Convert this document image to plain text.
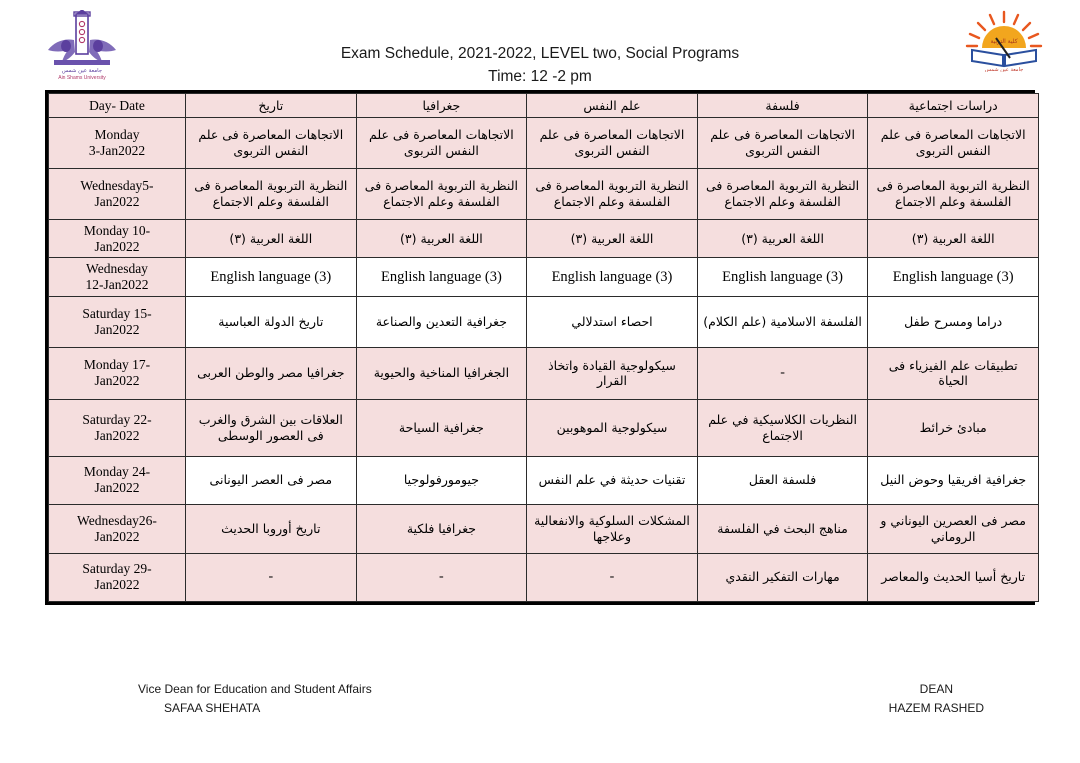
جامعة عين شمس
Ain Shams University
Exam Schedule, 2021-2022, LEVEL two, Social Programs
Time: 12 -2 pm
كلية التربية
جامعة عين شمس
Day- Date	تاريخ	جغرافيا	علم النفس	فلسفة	دراسات اجتماعية

Monday
3-Jan2022	الاتجاهات المعاصرة فى علم النفس التربوى	الاتجاهات المعاصرة فى علم النفس التربوى	الاتجاهات المعاصرة فى علم النفس التربوى	الاتجاهات المعاصرة فى علم النفس التربوى	الاتجاهات المعاصرة فى علم النفس التربوى

Wednesday5-
Jan2022	النظرية التربوية المعاصرة فى الفلسفة وعلم الاجتماع	النظرية التربوية المعاصرة فى الفلسفة وعلم الاجتماع	النظرية التربوية المعاصرة فى الفلسفة وعلم الاجتماع	النظرية التربوية المعاصرة فى الفلسفة وعلم الاجتماع	النظرية التربوية المعاصرة فى الفلسفة وعلم الاجتماع

Monday 10-
Jan2022	اللغة العربية (٣)	اللغة العربية (٣)	اللغة العربية (٣)	اللغة العربية (٣)	اللغة العربية (٣)

Wednesday
12-Jan2022	English language (3)	English language (3)	English language (3)	English language (3)	English language (3)

Saturday 15-
Jan2022	تاريخ الدولة العباسية	جغرافية التعدين والصناعة	احصاء استدلالي	الفلسفة الاسلامية (علم الكلام)	دراما ومسرح طفل

Monday 17-
Jan2022	جغرافيا مصر والوطن العربى	الجغرافيا المناخية والحيوية	سيكولوجية القيادة واتخاذ القرار	-	تطبيقات علم الفيزياء فى الحياة

Saturday 22-
Jan2022	العلاقات بين الشرق والغرب فى العصور الوسطى	جغرافية السياحة	سيكولوجية الموهوبين	النظريات الكلاسيكية في علم الاجتماع	مبادئ خرائط

Monday 24-
Jan2022	مصر فى العصر اليونانى	جيومورفولوجيا	تقنيات حديثة في علم النفس	فلسفة العقل	جغرافية افريقيا وحوض النيل

Wednesday26-
Jan2022	تاريخ أوروبا الحديث	جغرافيا فلكية	المشكلات السلوكية والانفعالية وعلاجها	مناهج البحث في الفلسفة	مصر فى العصرين اليوناني و الروماني

Saturday 29-
Jan2022	-	-	-	مهارات التفكير النقدي	تاريخ أسيا الحديث والمعاصر
Vice Dean for Education and Student Affairs
SAFAA SHEHATA
DEAN
HAZEM RASHED
